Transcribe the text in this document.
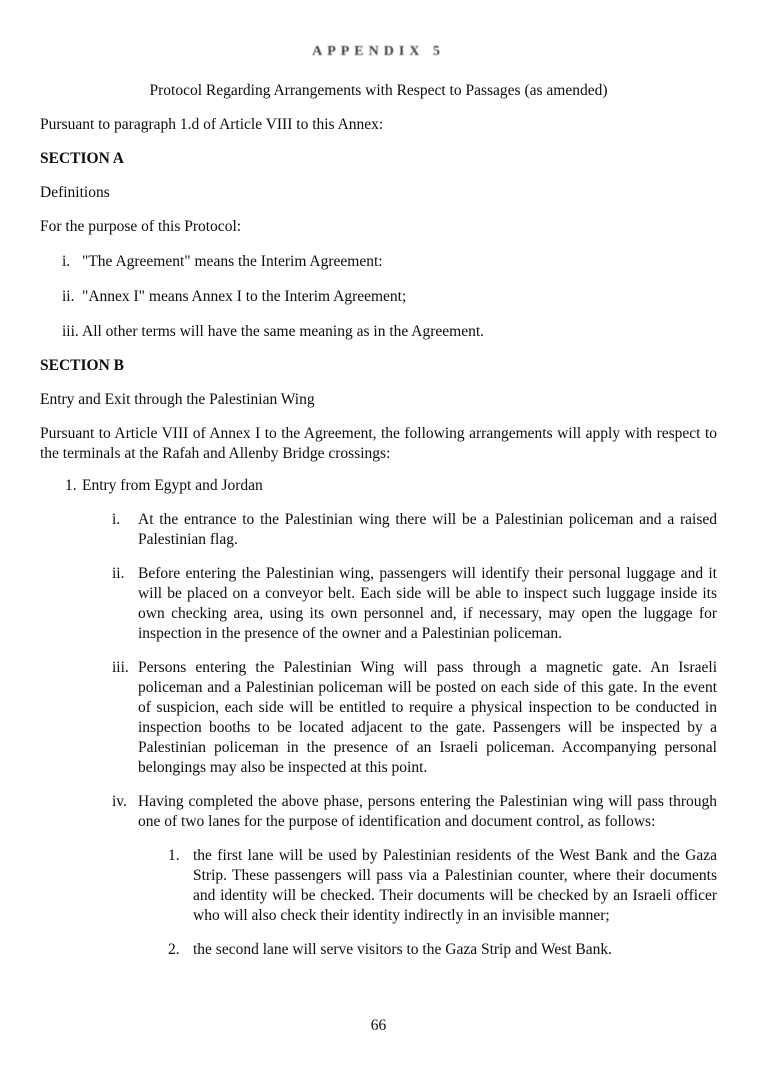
APPENDIX 5
Protocol Regarding Arrangements with Respect to Passages (as amended)

Pursuant to paragraph 1.d of Article VIII to this Annex:

SECTION A

Definitions

For the purpose of this Protocol:

i. "The Agreement" means the Interim Agreement:
ii. "Annex I" means Annex I to the Interim Agreement;
iii. All other terms will have the same meaning as in the Agreement.

SECTION B

Entry and Exit through the Palestinian Wing

Pursuant to Article VIII of Annex I to the Agreement, the following arrangements will apply with respect to the terminals at the Rafah and Allenby Bridge crossings:

1. Entry from Egypt and Jordan
i.	At the entrance to the Palestinian wing there will be a Palestinian policeman and a raised Palestinian flag.
ii. Before entering the Palestinian wing, passengers will identify their personal luggage and it will be placed on a conveyor belt. Each side will be able to inspect such luggage inside its own checking area, using its own personnel and, if necessary, may open the luggage for inspection in the presence of the owner and a Palestinian policeman.
iii. Persons entering the Palestinian Wing will pass through a magnetic gate. An Israeli policeman and a Palestinian policeman will be posted on each side of this gate. In the event of suspicion, each side will be entitled to require a physical inspection to be conducted in inspection booths to be located adjacent to the gate. Passengers will be inspected by a Palestinian policeman in the presence of an Israeli policeman. Accompanying personal belongings may also be inspected at this point.
iv. Having completed the above phase, persons entering the Palestinian wing will pass through one of two lanes for the purpose of identification and document control, as follows:
1. the first lane will be used by Palestinian residents of the West Bank and the Gaza Strip. These passengers will pass via a Palestinian counter, where their documents and identity will be checked. Their documents will be checked by an Israeli officer who will also check their identity indirectly in an invisible manner;
2. the second lane will serve visitors to the Gaza Strip and West Bank.
66
